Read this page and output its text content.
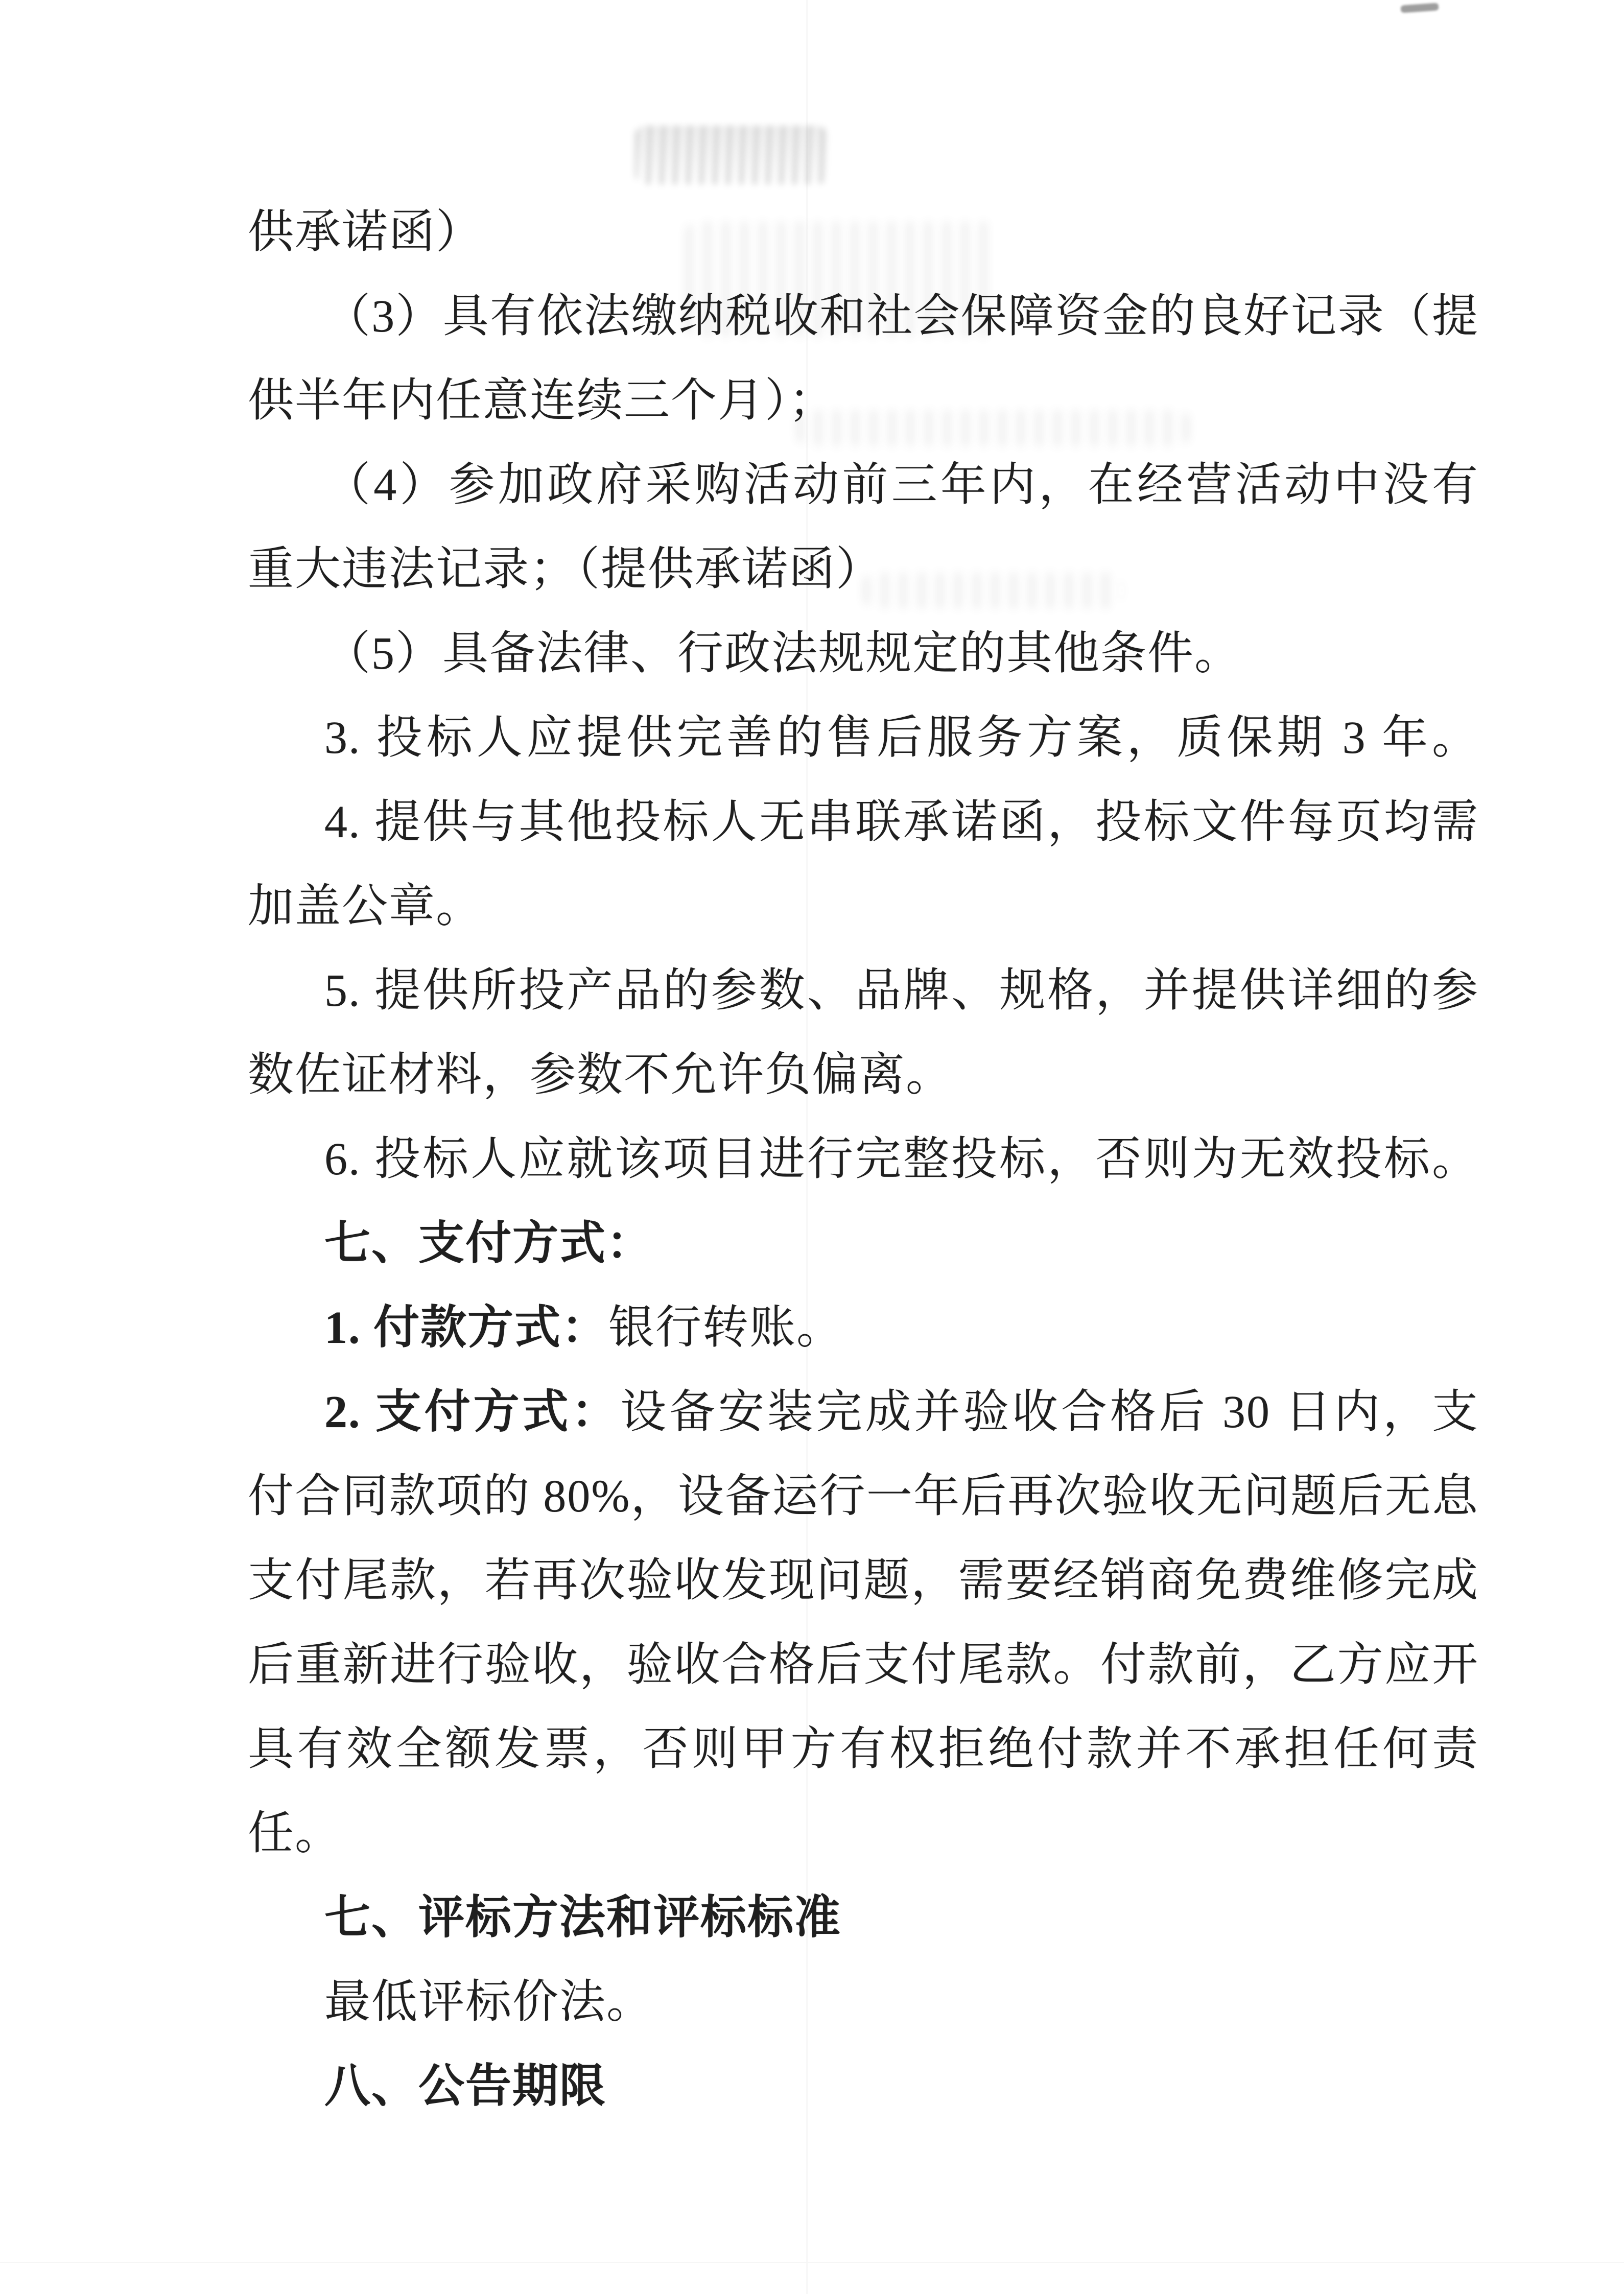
供承诺函）
（3）具有依法缴纳税收和社会保障资金的良好记录（提
供半年内任意连续三个月）；
（4）参加政府采购活动前三年内，在经营活动中没有
重大违法记录；（提供承诺函）
（5）具备法律、行政法规规定的其他条件。
3. 投标人应提供完善的售后服务方案，质保期 3 年。
4. 提供与其他投标人无串联承诺函，投标文件每页均需
加盖公章。
5. 提供所投产品的参数、品牌、规格，并提供详细的参
数佐证材料，参数不允许负偏离。
6. 投标人应就该项目进行完整投标，否则为无效投标。
七、支付方式：
1. 付款方式：银行转账。
2. 支付方式：设备安装完成并验收合格后 30 日内，支
付合同款项的 80%，设备运行一年后再次验收无问题后无息
支付尾款，若再次验收发现问题，需要经销商免费维修完成
后重新进行验收，验收合格后支付尾款。付款前，乙方应开
具有效全额发票，否则甲方有权拒绝付款并不承担任何责
任。
七、评标方法和评标标准
最低评标价法。
八、公告期限
